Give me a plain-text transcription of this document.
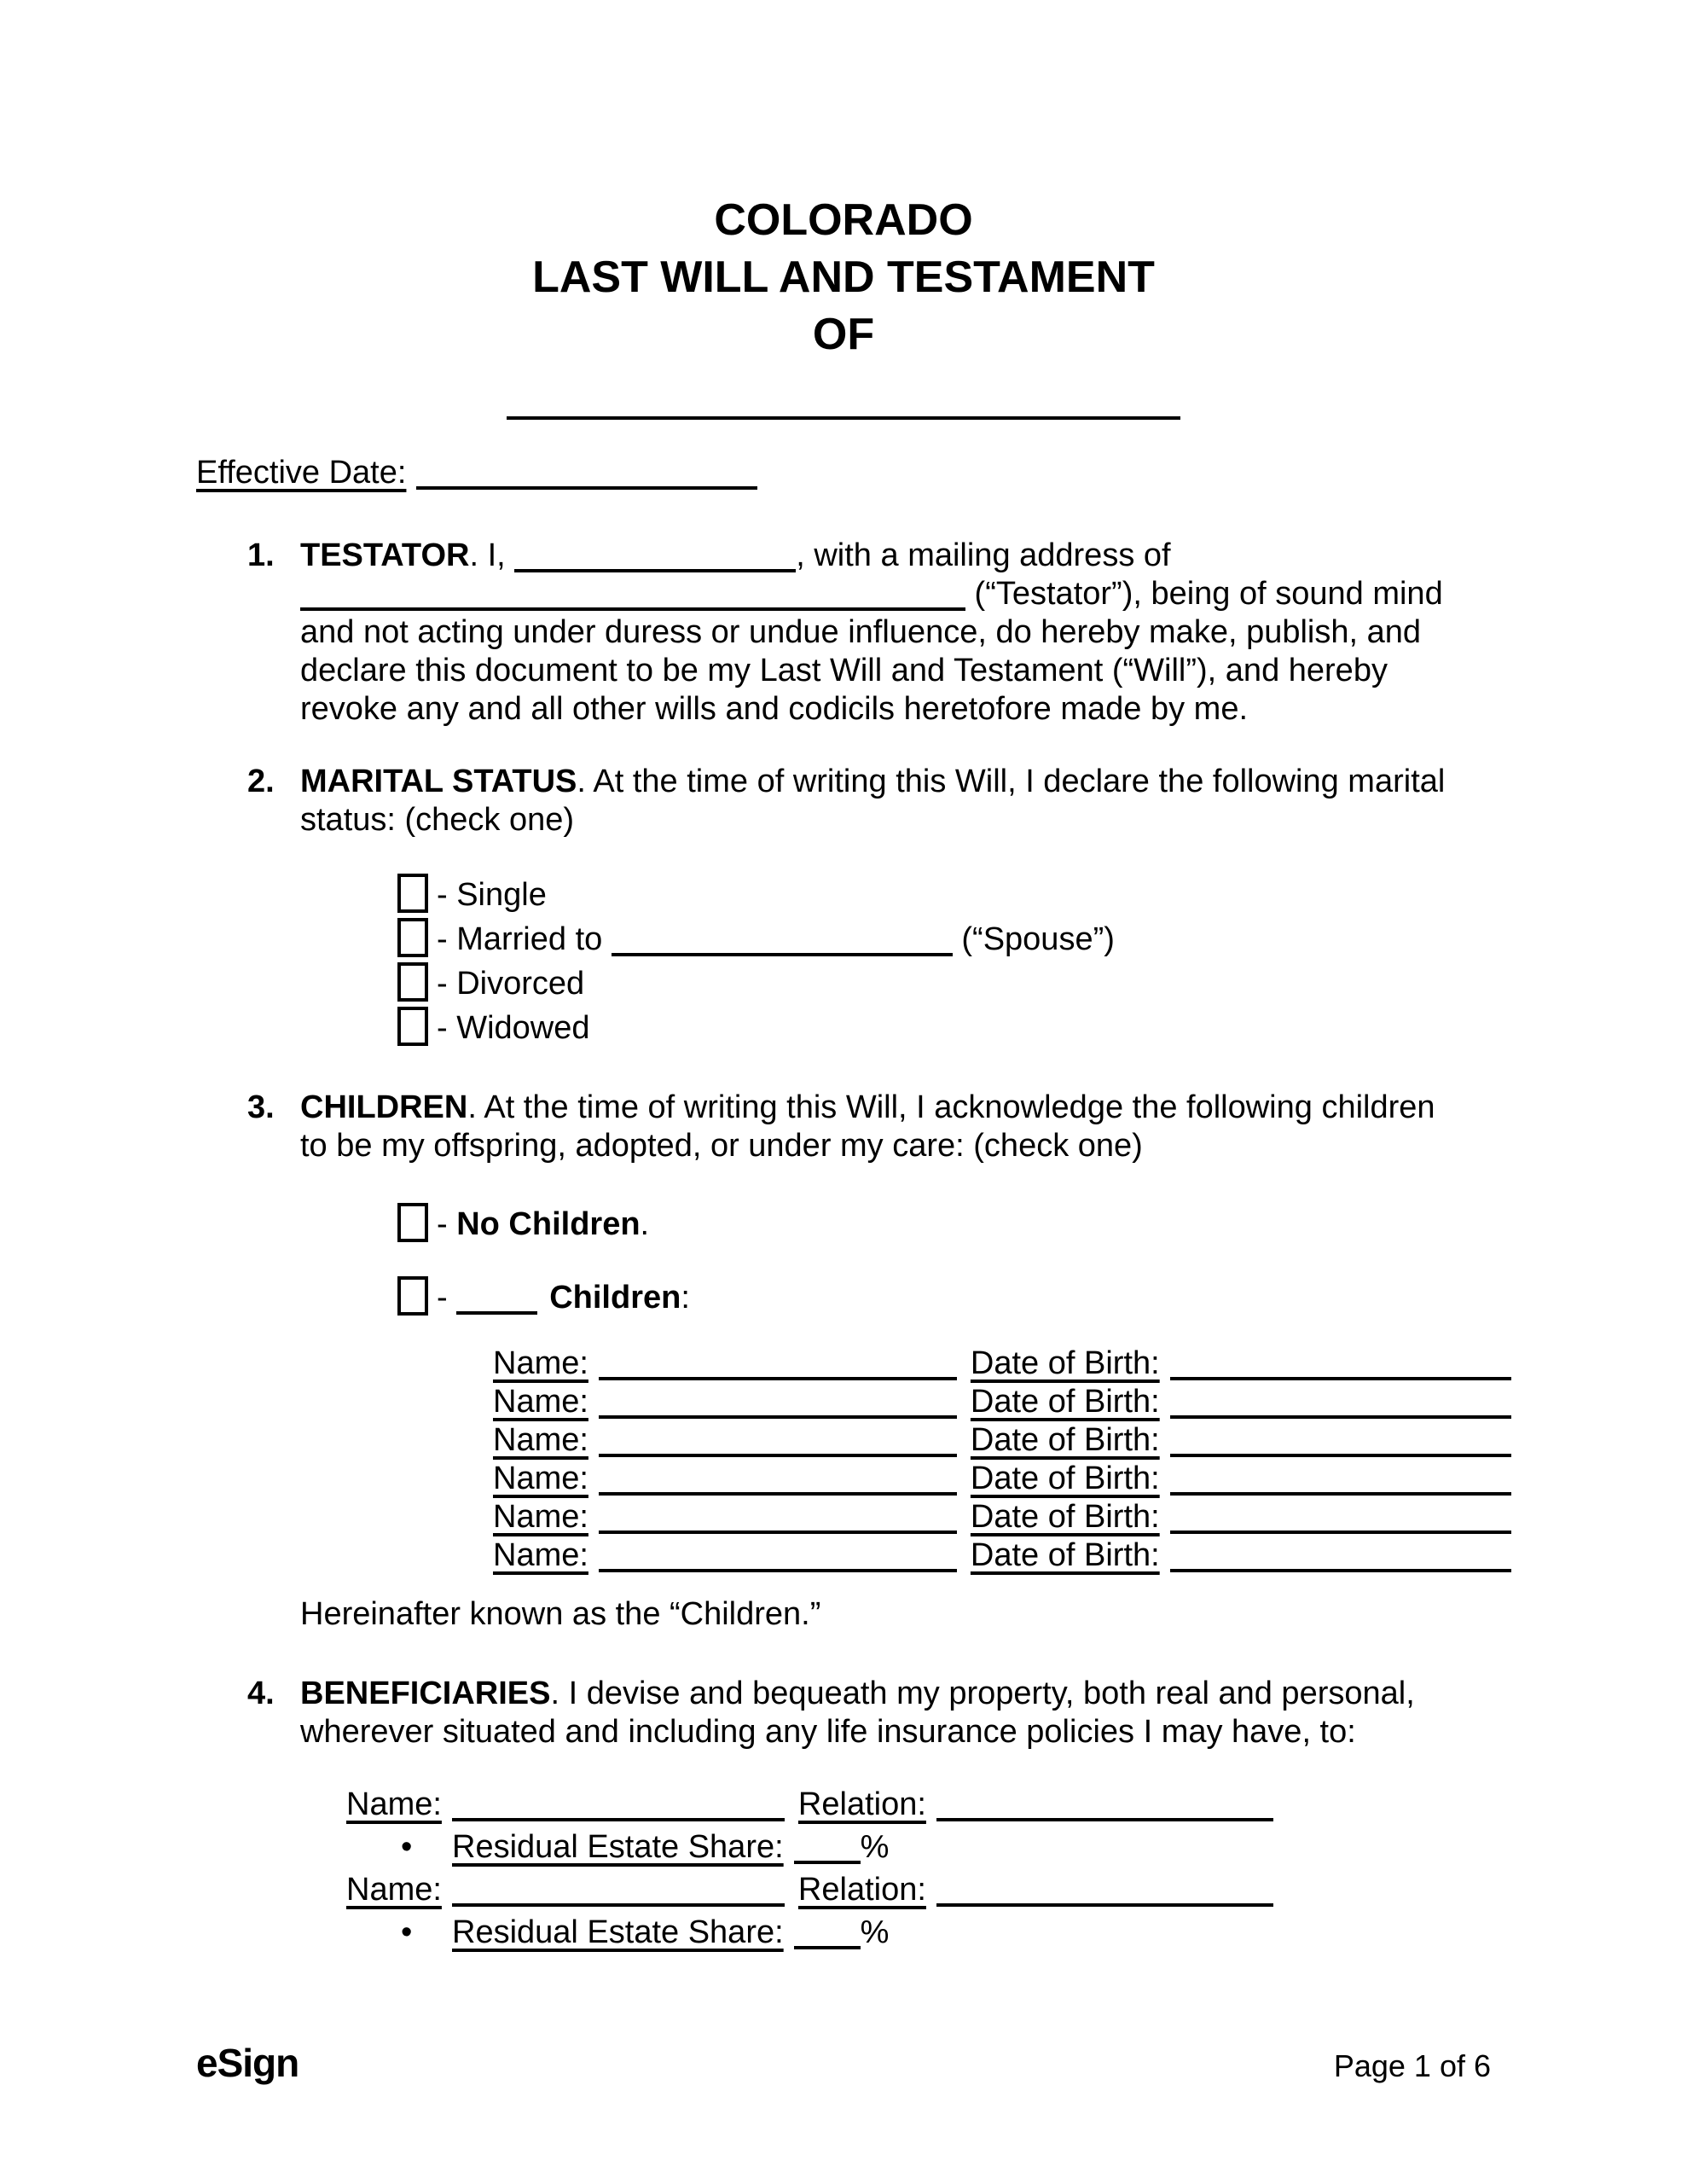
COLORADO
LAST WILL AND TESTAMENT
OF
Effective Date:
1. TESTATOR. I,	, with a mailing address of
(“Testator”), being of sound mind
and not acting under duress or undue influence, do hereby make, publish, and
declare this document to be my Last Will and Testament (“Will”), and hereby
revoke any and all other wills and codicils heretofore made by me.
2. MARITAL STATUS. At the time of writing this Will, I declare the following marital
status: (check one)
- Single
- Married to	(“Spouse”)
- Divorced
- Widowed
3. CHILDREN. At the time of writing this Will, I acknowledge the following children
to be my offspring, adopted, or under my care: (check one)
- No Children.
-	Children:
Name:	Date of Birth:
Name:	Date of Birth:
Name:	Date of Birth:
Name:	Date of Birth:
Name:	Date of Birth:
Name:	Date of Birth:
Hereinafter known as the “Children.”
4. BENEFICIARIES. I devise and bequeath my property, both real and personal,
wherever situated and including any life insurance policies I may have, to:
Name:	Relation:
• Residual Estate Share: %
Name:	Relation:
• Residual Estate Share: %
eSign	Page 1 of 6
